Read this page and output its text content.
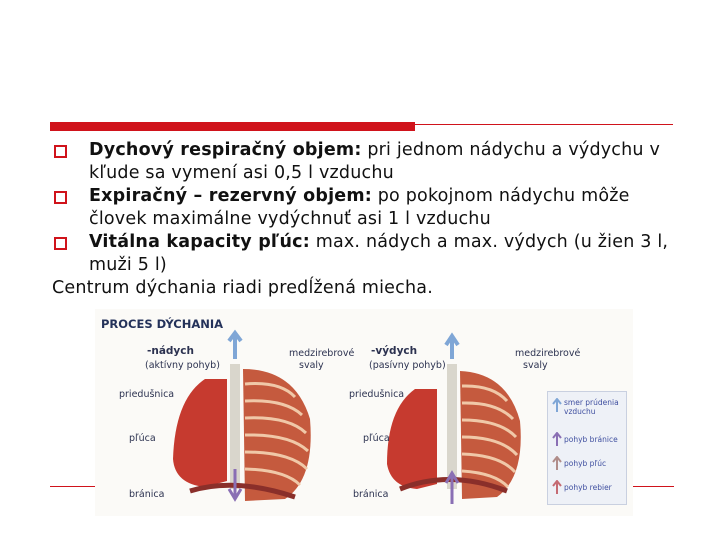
Dychový respiračný objem: pri jednom nádychu a výdychu v kľude sa vymení asi 0,5 l vzduchu
Expiračný – rezervný objem: po pokojnom nádychu môže človek maximálne vydýchnuť asi 1 l vzduchu
Vitálna kapacity pľúc: max. nádych a max. výdych (u žien 3 l, muži 5 l)
Centrum dýchania riadi predĺžená miecha.
PROCES DÝCHANIA
-nádych
(aktívny pohyb)
priedušnica
pľúca
bránica
medzirebrové
svaly
-výdych
(pasívny pohyb)
priedušnica
pľúca
bránica
medzirebrové
svaly
smer prúdenia vzduchu
pohyb bránice
pohyb pľúc
pohyb rebier
